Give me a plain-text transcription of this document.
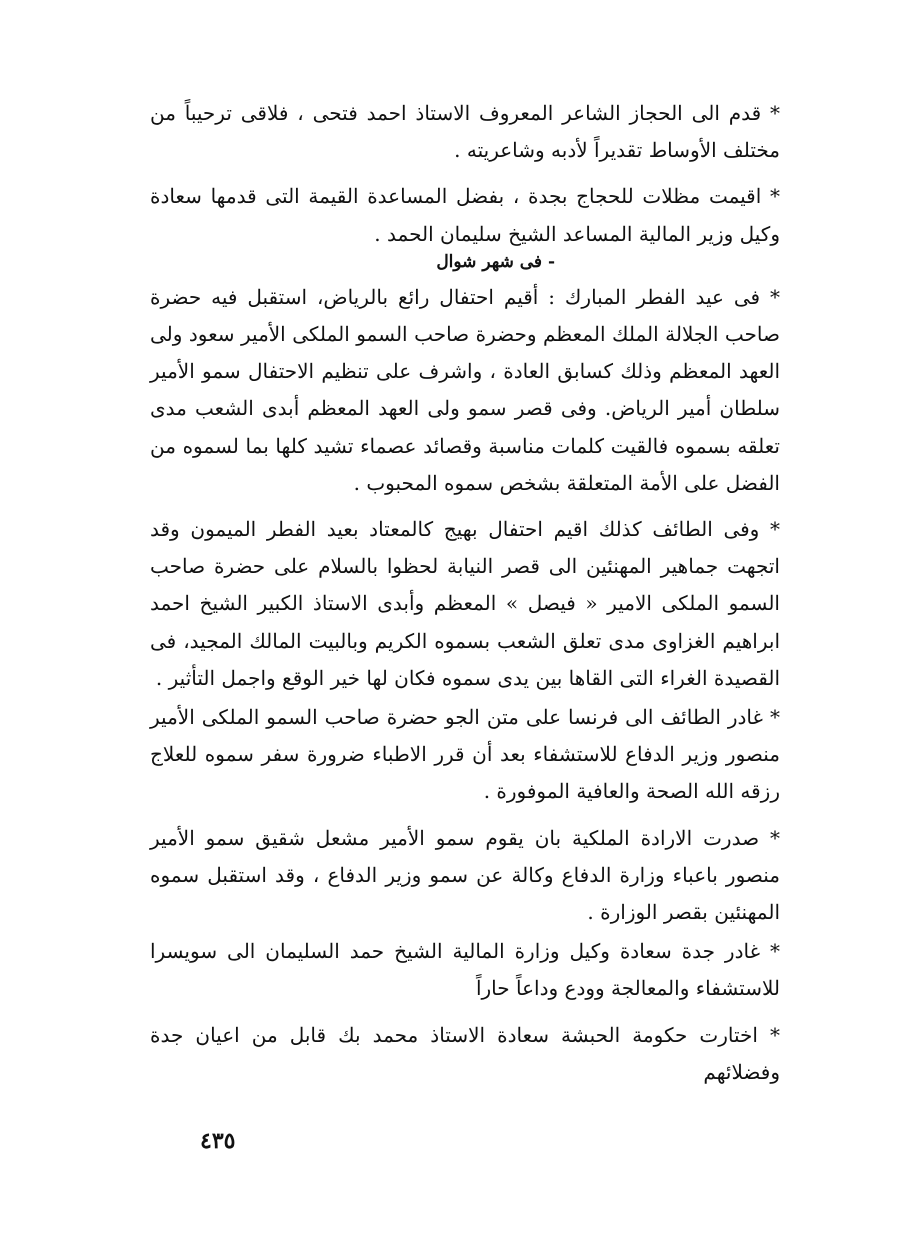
* قدم الى الحجاز الشاعر المعروف الاستاذ احمد فتحى ، فلاقى ترحيباً من مختلف الأوساط تقديراً لأدبه وشاعريته .

* اقيمت مظلات للحجاج بجدة ، بفضل المساعدة القيمة التى قدمها سعادة وكيل وزير المالية المساعد الشيخ سليمان الحمد .

- فى شهر شوال

* فى عيد الفطر المبارك : أقيم احتفال رائع بالرياض، استقبل فيه حضرة صاحب الجلالة الملك المعظم وحضرة صاحب السمو الملكى الأمير سعود ولى العهد المعظم وذلك كسابق العادة ، واشرف على تنظيم الاحتفال سمو الأمير سلطان أمير الرياض. وفى قصر سمو ولى العهد المعظم أبدى الشعب مدى تعلقه بسموه فالقيت كلمات مناسبة وقصائد عصماء تشيد كلها بما لسموه من الفضل على الأمة المتعلقة بشخص سموه المحبوب .

* وفى الطائف كذلك اقيم احتفال بهيج كالمعتاد بعيد الفطر الميمون وقد اتجهت جماهير المهنئين الى قصر النيابة لحظوا بالسلام على حضرة صاحب السمو الملكى الامير « فيصل » المعظم وأبدى الاستاذ الكبير الشيخ احمد ابراهيم الغزاوى مدى تعلق الشعب بسموه الكريم وبالبيت المالك المجيد، فى القصيدة الغراء التى القاها بين يدى سموه فكان لها خير الوقع واجمل التأثير .

* غادر الطائف الى فرنسا على متن الجو حضرة صاحب السمو الملكى الأمير منصور وزير الدفاع للاستشفاء بعد أن قرر الاطباء ضرورة سفر سموه للعلاج رزقه الله الصحة والعافية الموفورة .

* صدرت الارادة الملكية بان يقوم سمو الأمير مشعل شقيق سمو الأمير منصور باعباء وزارة الدفاع وكالة عن سمو وزير الدفاع ، وقد استقبل سموه المهنئين بقصر الوزارة .

* غادر جدة سعادة وكيل وزارة المالية الشيخ حمد السليمان الى سويسرا للاستشفاء والمعالجة وودع وداعاً حاراً

* اختارت حكومة الحبشة سعادة الاستاذ محمد بك قابل من اعيان جدة وفضلائهم

٤٣٥
